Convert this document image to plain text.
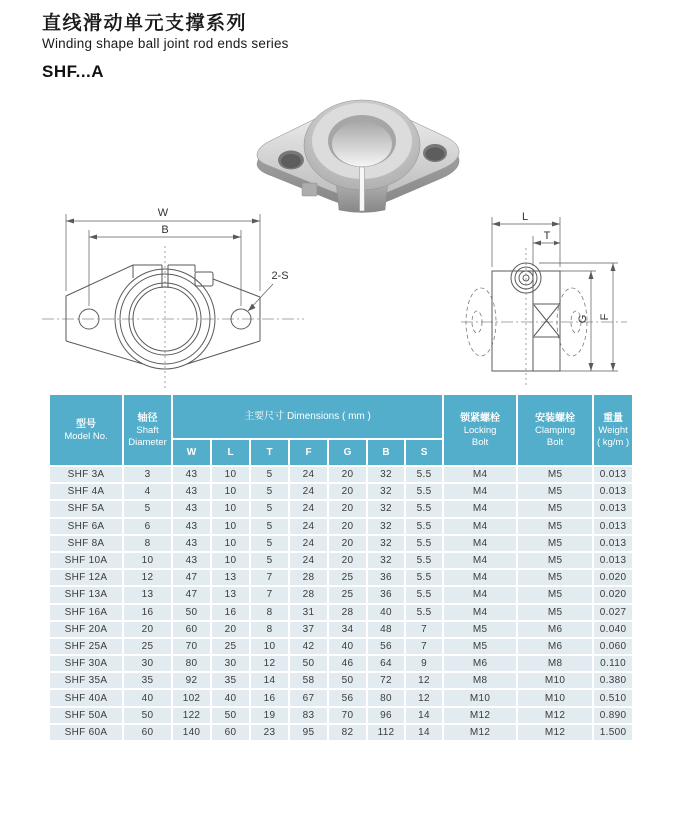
直线滑动单元支撑系列
Winding shape ball joint rod ends series
SHF...A
W
B
2-S
L
T
G F
型号
Model No.

轴径
Shaft
Diameter
	主要尺寸 Dimensions ( mm )	锁紧螺栓
Locking
Bolt

安装螺栓
Clamping
Bolt

重量
Weight
( kg/m )

		W	L	T	F	G	B	S			
SHF 3A	3	43	10	5	24	20	32	5.5	M4	M5	0.013
SHF 4A	4	43	10	5	24	20	32	5.5	M4	M5	0.013
SHF 5A	5	43	10	5	24	20	32	5.5	M4	M5	0.013
SHF 6A	6	43	10	5	24	20	32	5.5	M4	M5	0.013
SHF 8A	8	43	10	5	24	20	32	5.5	M4	M5	0.013
SHF 10A	10	43	10	5	24	20	32	5.5	M4	M5	0.013
SHF 12A	12	47	13	7	28	25	36	5.5	M4	M5	0.020
SHF 13A	13	47	13	7	28	25	36	5.5	M4	M5	0.020
SHF 16A	16	50	16	8	31	28	40	5.5	M4	M5	0.027
SHF 20A	20	60	20	8	37	34	48	7	M5	M6	0.040
SHF 25A	25	70	25	10	42	40	56	7	M5	M6	0.060
SHF 30A	30	80	30	12	50	46	64	9	M6	M8	0.110
SHF 35A	35	92	35	14	58	50	72	12	M8	M10	0.380
SHF 40A	40	102	40	16	67	56	80	12	M10	M10	0.510
SHF 50A	50	122	50	19	83	70	96	14	M12	M12	0.890
SHF 60A	60	140	60	23	95	82	112	14	M12	M12	1.500
